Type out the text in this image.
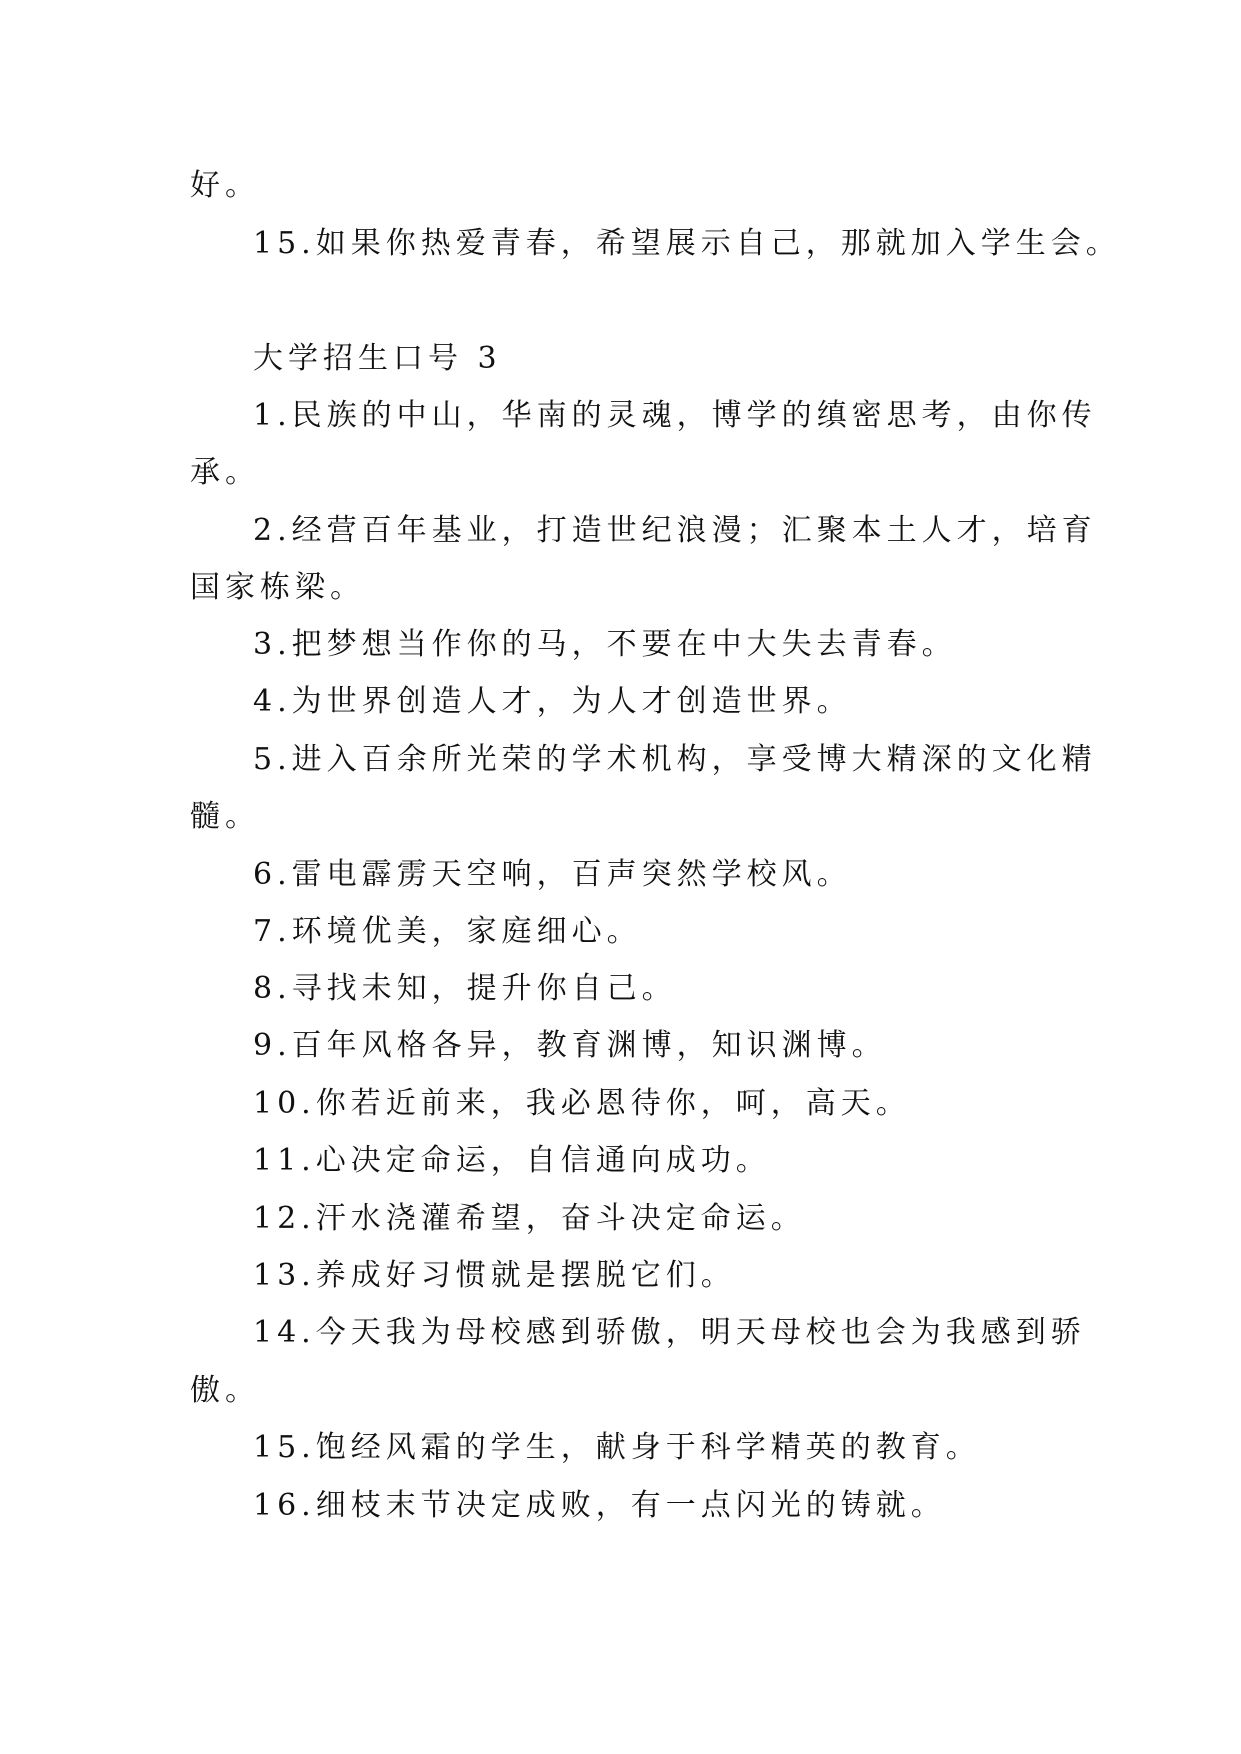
好。
15.如果你热爱青春，希望展示自己，那就加入学生会。
大学招生口号 3
1.民族的中山，华南的灵魂，博学的缜密思考，由你传
承。
2.经营百年基业，打造世纪浪漫；汇聚本土人才，培育
国家栋梁。
3.把梦想当作你的马，不要在中大失去青春。
4.为世界创造人才，为人才创造世界。
5.进入百余所光荣的学术机构，享受博大精深的文化精
髓。
6.雷电霹雳天空响，百声突然学校风。
7.环境优美，家庭细心。
8.寻找未知，提升你自己。
9.百年风格各异，教育渊博，知识渊博。
10.你若近前来，我必恩待你，呵，高天。
11.心决定命运，自信通向成功。
12.汗水浇灌希望，奋斗决定命运。
13.养成好习惯就是摆脱它们。
14.今天我为母校感到骄傲，明天母校也会为我感到骄
傲。
15.饱经风霜的学生，献身于科学精英的教育。
16.细枝末节决定成败，有一点闪光的铸就。
